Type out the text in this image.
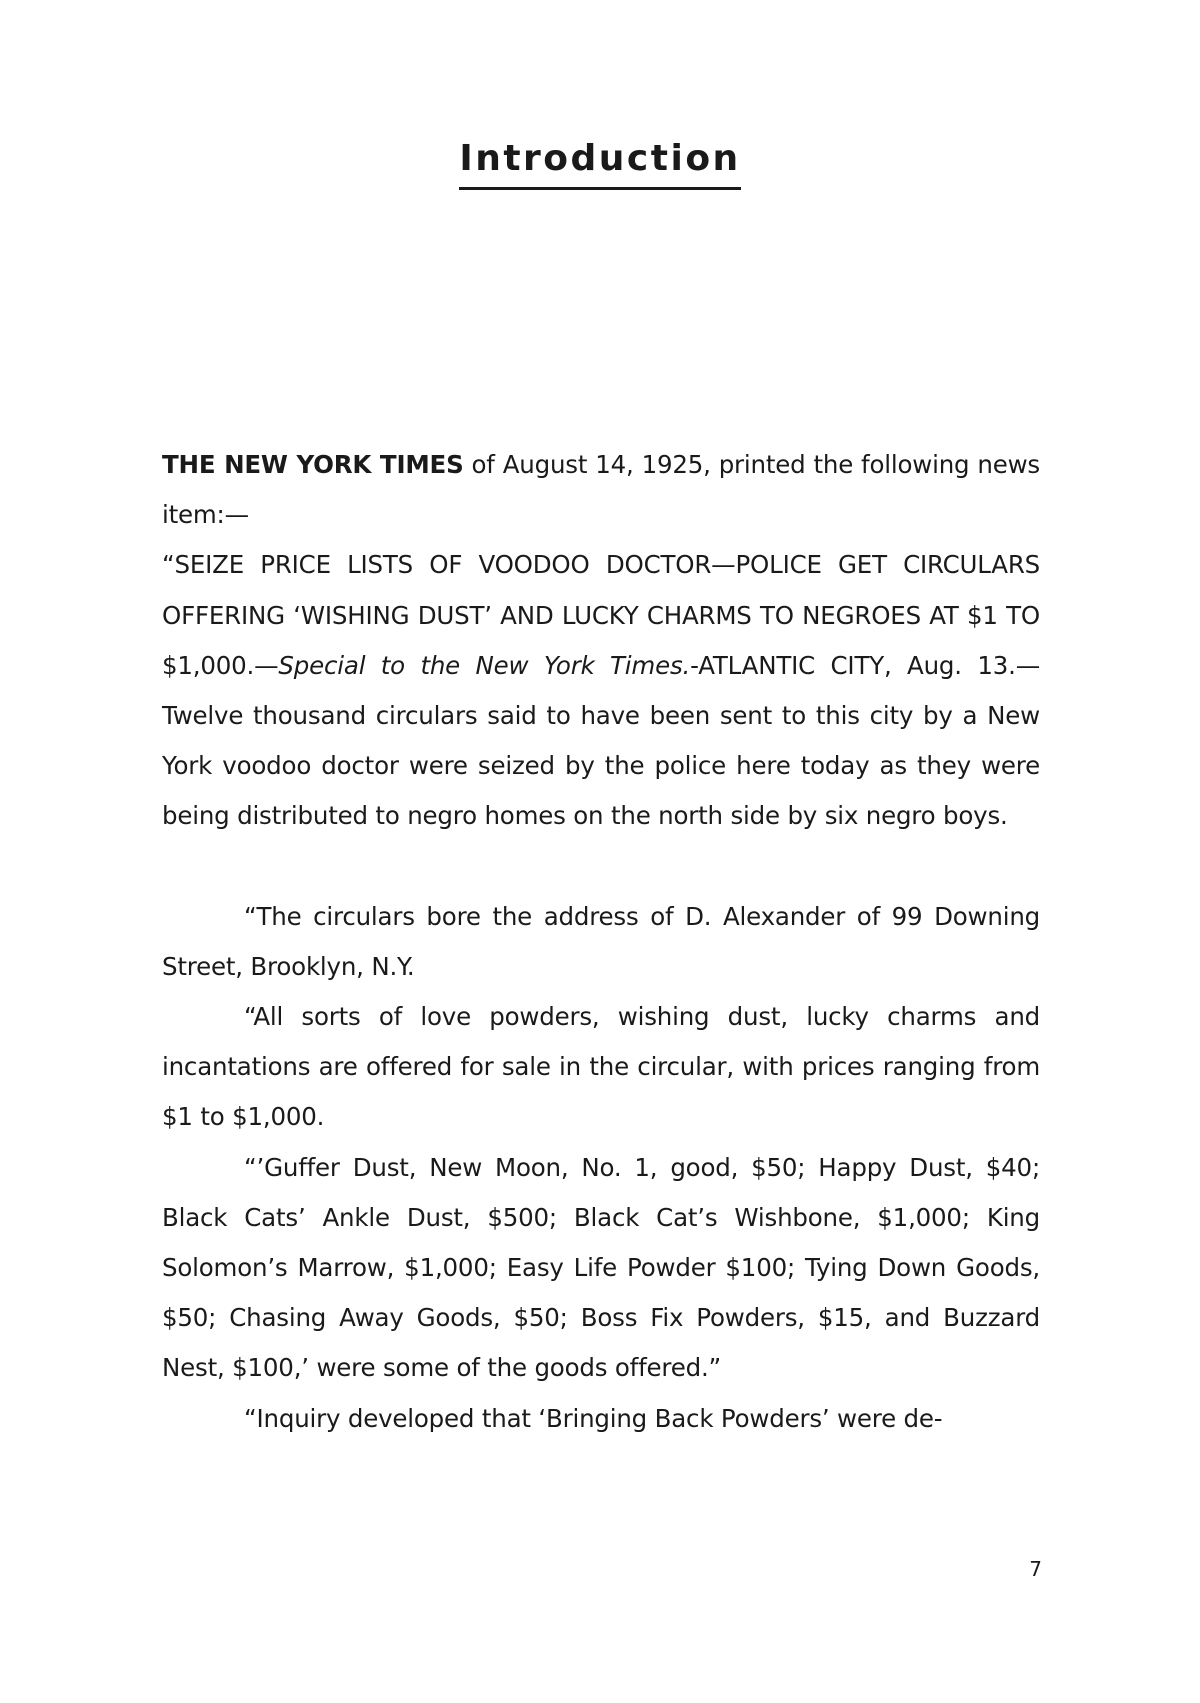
Introduction

THE NEW YORK TIMES of August 14, 1925, printed the following news item:—

“SEIZE PRICE LISTS OF VOODOO DOCTOR—POLICE GET CIRCULARS OFFERING ‘WISHING DUST’ AND LUCKY CHARMS TO NEGROES AT $1 TO $1,000.—Special to the New York Times.-ATLANTIC CITY, Aug. 13.—Twelve thousand circulars said to have been sent to this city by a New York voodoo doctor were seized by the police here today as they were being distributed to negro homes on the north side by six negro boys.

“The circulars bore the address of D. Alexander of 99 Downing Street, Brooklyn, N.Y.

“All sorts of love powders, wishing dust, lucky charms and incantations are offered for sale in the circular, with prices ranging from $1 to $1,000.

“’Guffer Dust, New Moon, No. 1, good, $50; Happy Dust, $40; Black Cats’ Ankle Dust, $500; Black Cat’s Wishbone, $1,000; King Solomon’s Marrow, $1,000; Easy Life Powder $100; Tying Down Goods, $50; Chasing Away Goods, $50; Boss Fix Powders, $15, and Buzzard Nest, $100,’ were some of the goods offered.”

“Inquiry developed that ‘Bringing Back Powders’ were de-

7
